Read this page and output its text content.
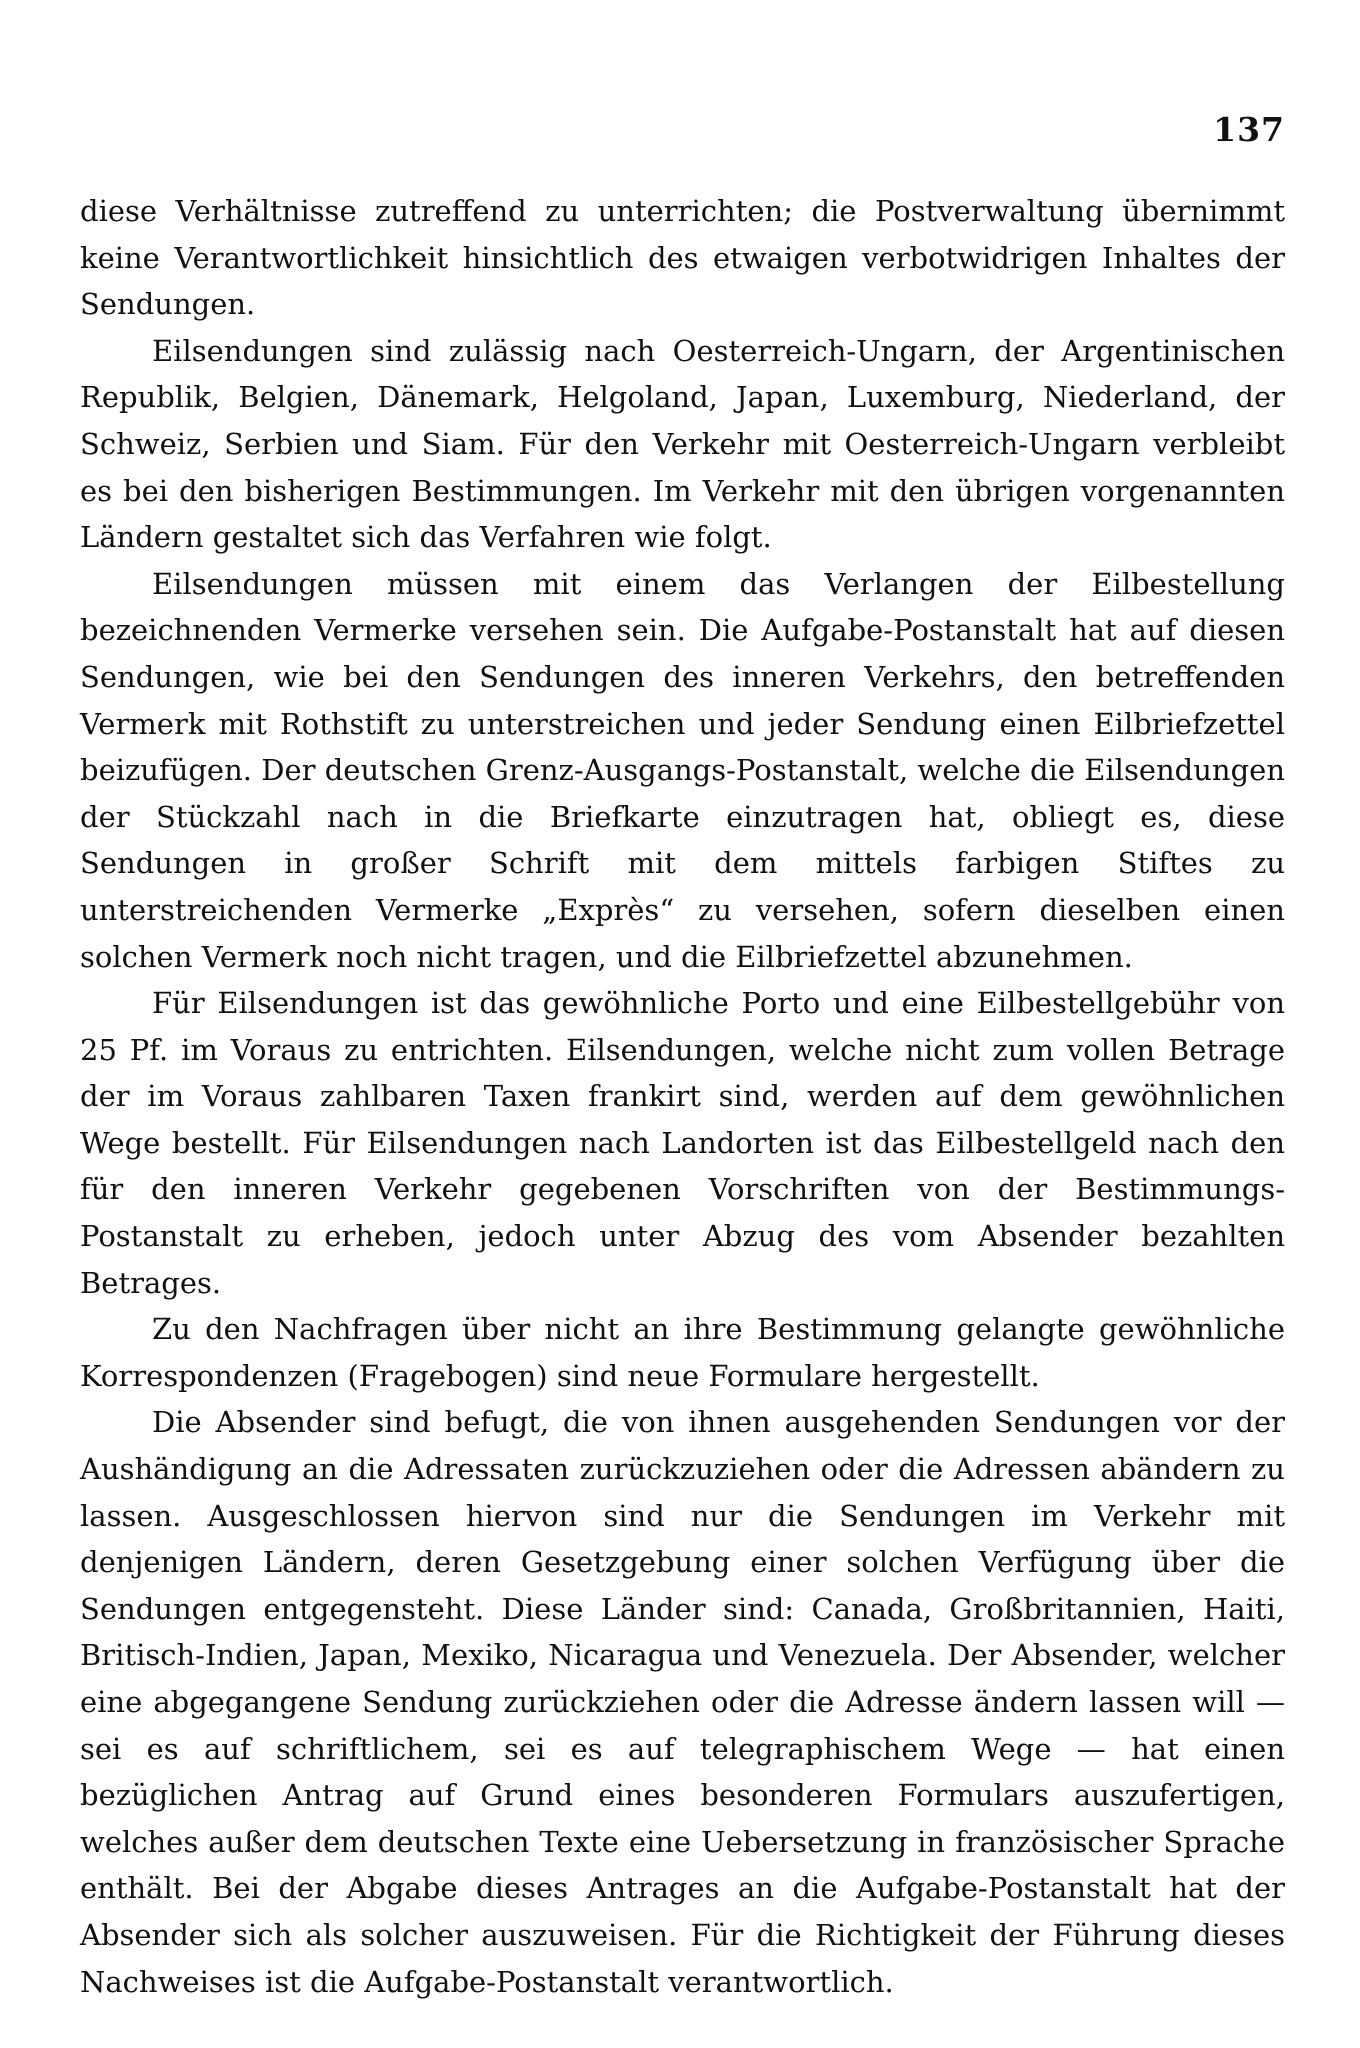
137

diese Verhältnisse zutreffend zu unterrichten; die Postverwaltung übernimmt keine Verantwortlichkeit hinsichtlich des etwaigen verbotwidrigen Inhaltes der Sendungen.

Eilsendungen sind zulässig nach Oesterreich-Ungarn, der Argentinischen Republik, Belgien, Dänemark, Helgoland, Japan, Luxemburg, Niederland, der Schweiz, Serbien und Siam. Für den Verkehr mit Oesterreich-Ungarn verbleibt es bei den bisherigen Bestimmungen. Im Verkehr mit den übrigen vorgenannten Ländern gestaltet sich das Verfahren wie folgt.

Eilsendungen müssen mit einem das Verlangen der Eilbestellung bezeichnenden Vermerke versehen sein. Die Aufgabe-Postanstalt hat auf diesen Sendungen, wie bei den Sendungen des inneren Verkehrs, den betreffenden Vermerk mit Rothstift zu unterstreichen und jeder Sendung einen Eilbriefzettel beizufügen. Der deutschen Grenz-Ausgangs-Postanstalt, welche die Eilsendungen der Stückzahl nach in die Briefkarte einzutragen hat, obliegt es, diese Sendungen in großer Schrift mit dem mittels farbigen Stiftes zu unterstreichenden Vermerke „Exprès“ zu versehen, sofern dieselben einen solchen Vermerk noch nicht tragen, und die Eilbriefzettel abzunehmen.

Für Eilsendungen ist das gewöhnliche Porto und eine Eilbestellgebühr von 25 Pf. im Voraus zu entrichten. Eilsendungen, welche nicht zum vollen Betrage der im Voraus zahlbaren Taxen frankirt sind, werden auf dem gewöhnlichen Wege bestellt. Für Eilsendungen nach Landorten ist das Eilbestellgeld nach den für den inneren Verkehr gegebenen Vorschriften von der Bestimmungs-Postanstalt zu erheben, jedoch unter Abzug des vom Absender bezahlten Betrages.

Zu den Nachfragen über nicht an ihre Bestimmung gelangte gewöhnliche Korrespondenzen (Fragebogen) sind neue Formulare hergestellt.

Die Absender sind befugt, die von ihnen ausgehenden Sendungen vor der Aushändigung an die Adressaten zurückzuziehen oder die Adressen abändern zu lassen. Ausgeschlossen hiervon sind nur die Sendungen im Verkehr mit denjenigen Ländern, deren Gesetzgebung einer solchen Verfügung über die Sendungen entgegensteht. Diese Länder sind: Canada, Großbritannien, Haiti, Britisch-Indien, Japan, Mexiko, Nicaragua und Venezuela. Der Absender, welcher eine abgegangene Sendung zurückziehen oder die Adresse ändern lassen will — sei es auf schriftlichem, sei es auf telegraphischem Wege — hat einen bezüglichen Antrag auf Grund eines besonderen Formulars auszufertigen, welches außer dem deutschen Texte eine Uebersetzung in französischer Sprache enthält. Bei der Abgabe dieses Antrages an die Aufgabe-Postanstalt hat der Absender sich als solcher auszuweisen. Für die Richtigkeit der Führung dieses Nachweises ist die Aufgabe-Postanstalt verantwortlich.
